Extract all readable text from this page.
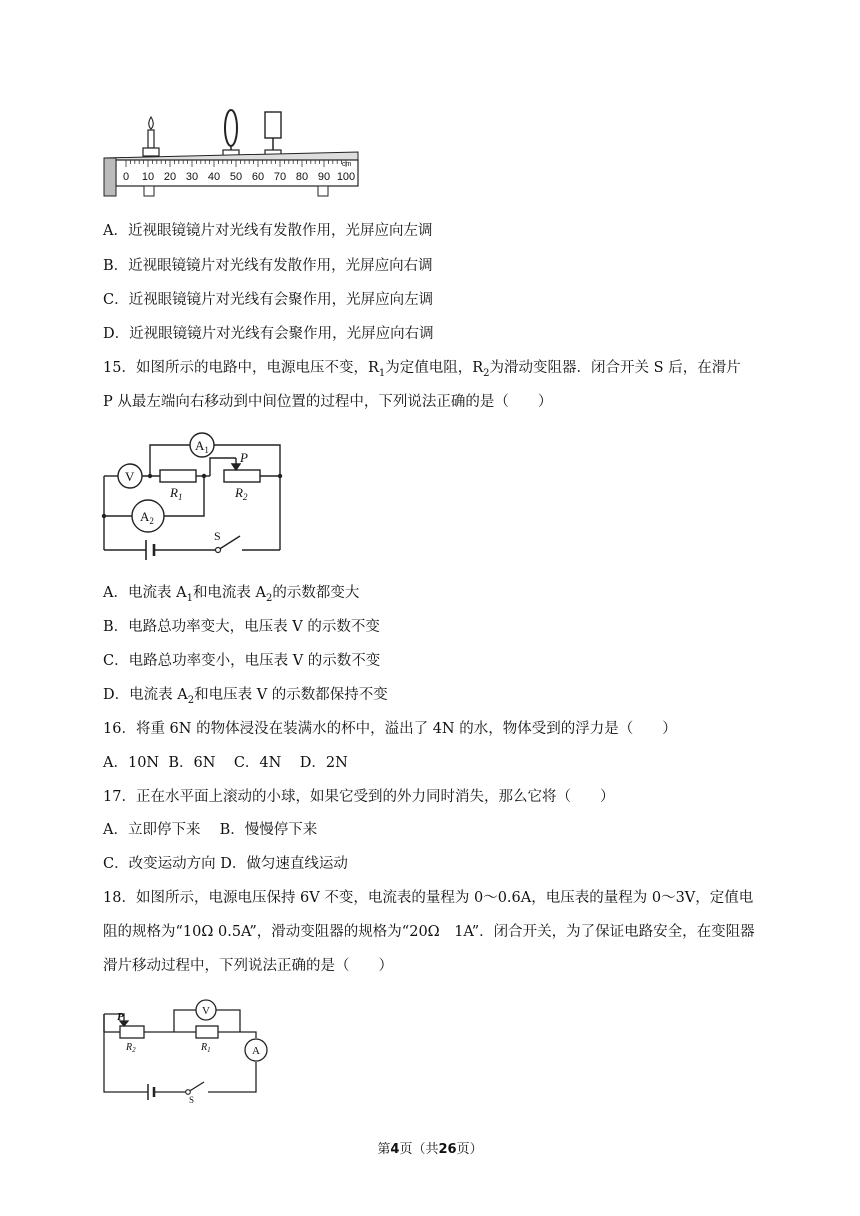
0 10 20 30 40 50 60 70 80 90 100
cm
A．近视眼镜镜片对光线有发散作用，光屏应向左调
B．近视眼镜镜片对光线有发散作用，光屏应向右调
C．近视眼镜镜片对光线有会聚作用，光屏应向左调
D．近视眼镜镜片对光线有会聚作用，光屏应向右调
15．如图所示的电路中，电源电压不变，$R_1$为定值电阻，$R_2$为滑动变阻器．闭合开关 S 后，在滑片
P 从最左端向右移动到中间位置的过程中，下列说法正确的是（　　）
$A_1$
V
$A_2$
P
$R_1$	$R_2$
S
A．电流表 $A_1$和电流表 $A_2$的示数都变大
B．电路总功率变大，电压表 V 的示数不变
C．电路总功率变小，电压表 V 的示数不变
D．电流表 $A_2$和电压表 V 的示数都保持不变
16．将重 6N 的物体浸没在装满水的杯中，溢出了 4N 的水，物体受到的浮力是（　　）
A．10N  B．6N    C．4N    D．2N
17．正在水平面上滚动的小球，如果它受到的外力同时消失，那么它将（　　）
A．立即停下来　 B．慢慢停下来
C．改变运动方向 D．做匀速直线运动
18．如图所示，电源电压保持 6V 不变，电流表的量程为 0～0.6A，电压表的量程为 0～3V，定值电
阻的规格为“10Ω 0.5A”，滑动变阻器的规格为“20Ω　1A”．闭合开关，为了保证电路安全，在变阻器
滑片移动过程中，下列说法正确的是（　　）
V
A
P
$R_2$	$R_1$
S
第4页（共26页）
